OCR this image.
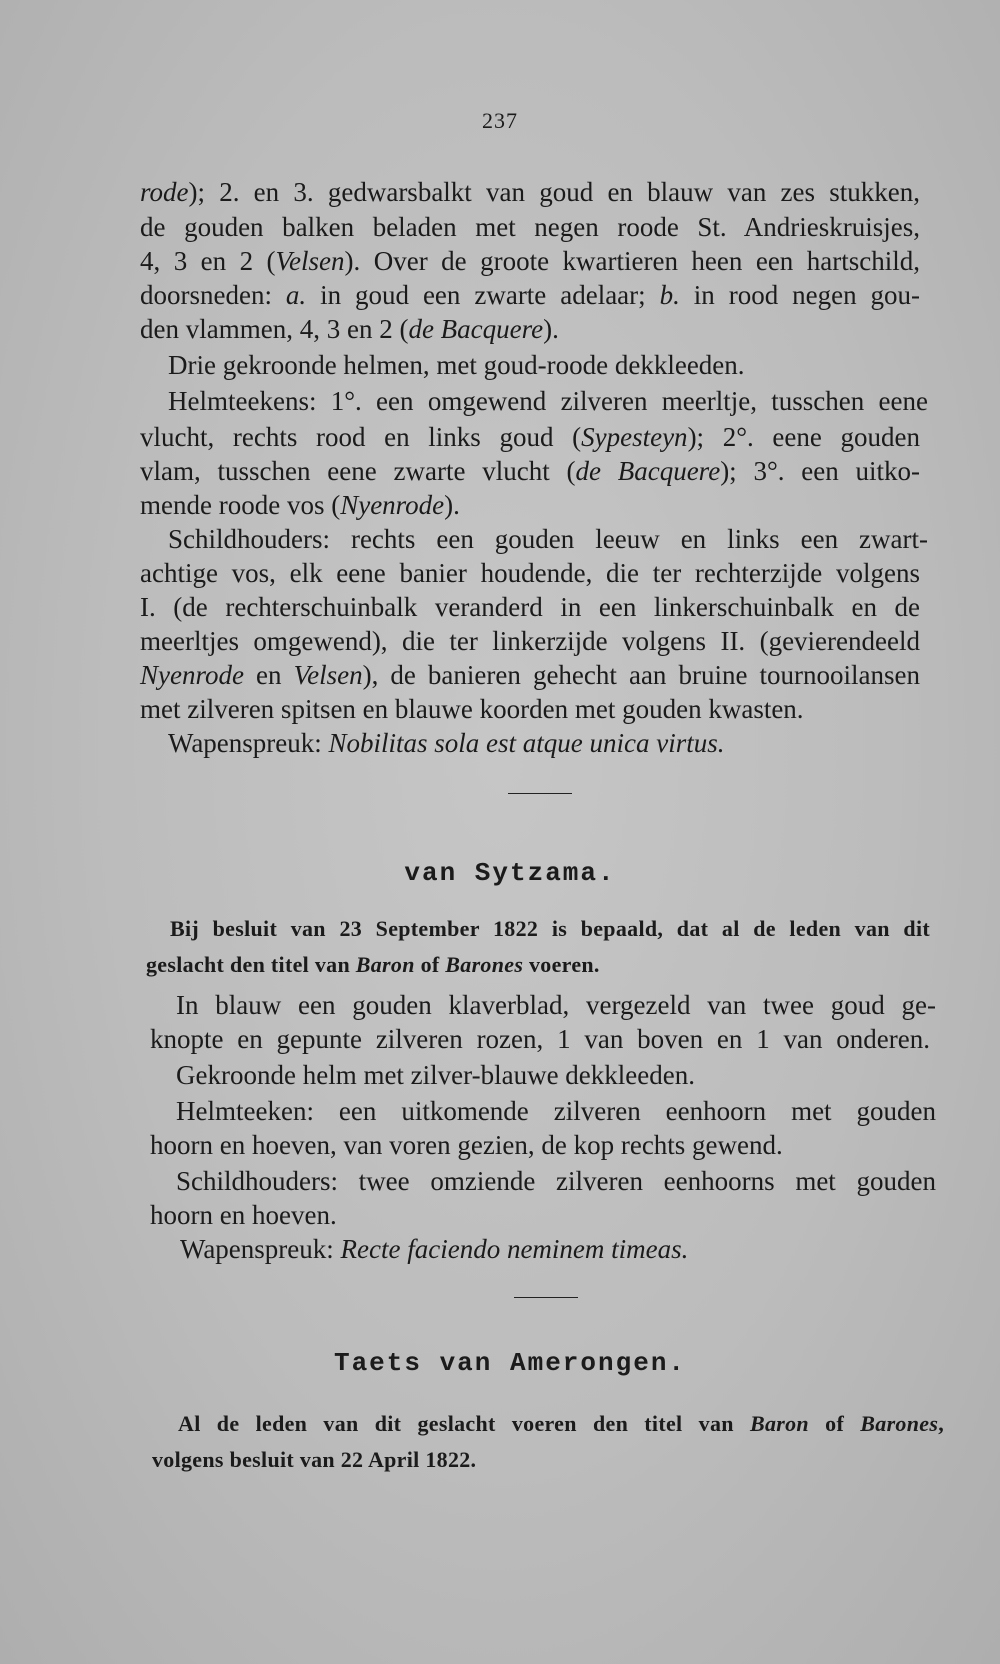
237
rode); 2. en 3. gedwarsbalkt van goud en blauw van zes stukken,
de gouden balken beladen met negen roode St. Andrieskruisjes,
4, 3 en 2 (Velsen). Over de groote kwartieren heen een hartschild,
doorsneden: a. in goud een zwarte adelaar; b. in rood negen gou-
den vlammen, 4, 3 en 2 (de Bacquere).
Drie gekroonde helmen, met goud-roode dekkleeden.
Helmteekens: 1°. een omgewend zilveren meerltje, tusschen eene
vlucht, rechts rood en links goud (Sypesteyn); 2°. eene gouden
vlam, tusschen eene zwarte vlucht (de Bacquere); 3°. een uitko-
mende roode vos (Nyenrode).
Schildhouders: rechts een gouden leeuw en links een zwart-
achtige vos, elk eene banier houdende, die ter rechterzijde volgens
I. (de rechterschuinbalk veranderd in een linkerschuinbalk en de
meerltjes omgewend), die ter linkerzijde volgens II. (gevierendeeld
Nyenrode en Velsen), de banieren gehecht aan bruine tournooilansen
met zilveren spitsen en blauwe koorden met gouden kwasten.
Wapenspreuk: Nobilitas sola est atque unica virtus.
van Sytzama.
Bij besluit van 23 September 1822 is bepaald, dat al de leden van dit
geslacht den titel van Baron of Barones voeren.
In blauw een gouden klaverblad, vergezeld van twee goud ge-
knopte en gepunte zilveren rozen, 1 van boven en 1 van onderen.
Gekroonde helm met zilver-blauwe dekkleeden.
Helmteeken: een uitkomende zilveren eenhoorn met gouden
hoorn en hoeven, van voren gezien, de kop rechts gewend.
Schildhouders: twee omziende zilveren eenhoorns met gouden
hoorn en hoeven.
Wapenspreuk: Recte faciendo neminem timeas.
Taets van Amerongen.
Al de leden van dit geslacht voeren den titel van Baron of Barones,
volgens besluit van 22 April 1822.
